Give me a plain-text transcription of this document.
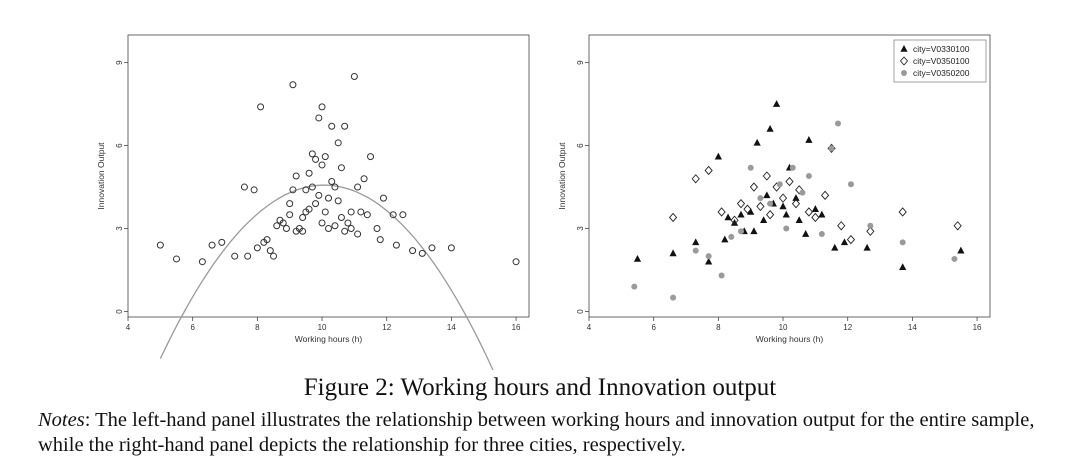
4	6	8	10	12	14	16
0
3
6
9
Working hours (h)
Innovation Output
4	6	8	10	12	14	16
0
3
6
9
Working hours (h)
Innovation Output
city=V0330100
city=V0350100
city=V0350200
Figure 2: Working hours and Innovation output
Notes: The left-hand panel illustrates the relationship between working hours and innovation output for the entire sample, while the right-hand panel depicts the relationship for three cities, respectively.
